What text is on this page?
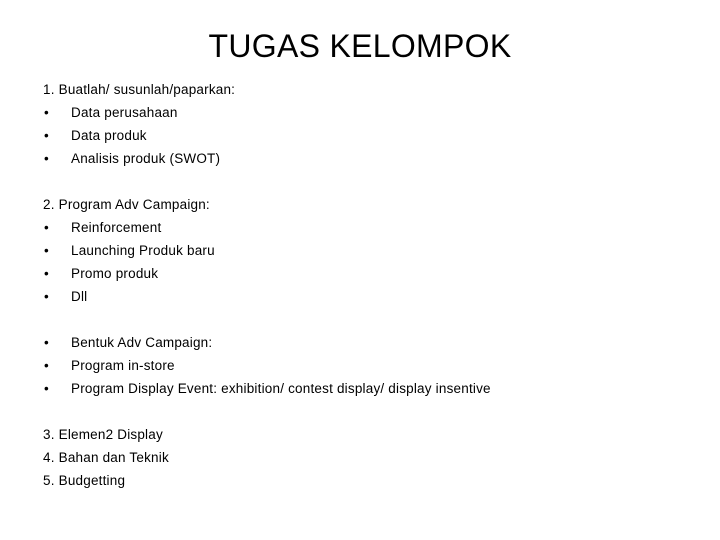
TUGAS KELOMPOK
1. Buatlah/ susunlah/paparkan:
• Data perusahaan
• Data produk
• Analisis produk (SWOT)
2. Program Adv Campaign:
• Reinforcement
• Launching Produk baru
• Promo produk
• Dll
• Bentuk Adv Campaign:
• Program in-store
• Program Display Event: exhibition/ contest display/ display insentive
3. Elemen2 Display
4. Bahan dan Teknik
5. Budgetting
